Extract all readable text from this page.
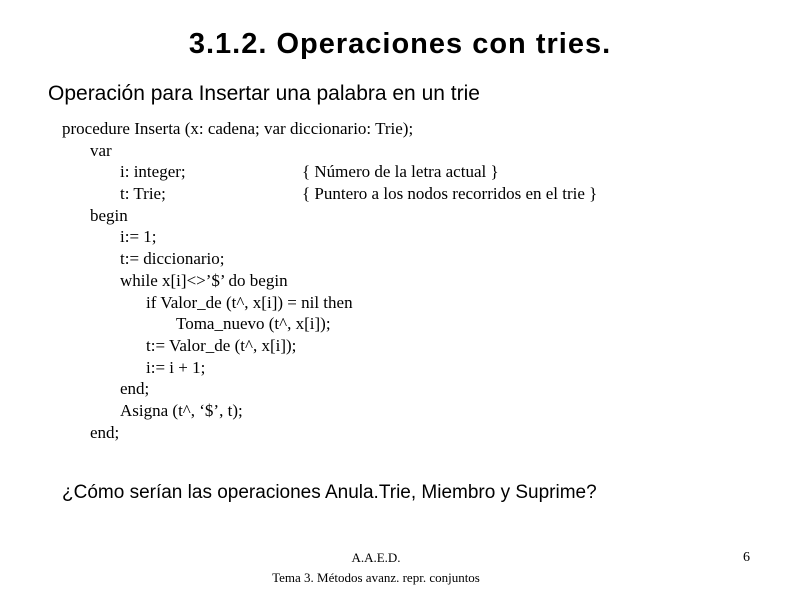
3.1.2. Operaciones con tries.
Operación para Insertar una palabra en un trie
procedure Inserta (x: cadena; var diccionario: Trie);
var
i: integer;	{ Número de la letra actual }
t: Trie;	{ Puntero a los nodos recorridos en el trie }
begin
i:= 1;
t:= diccionario;
while x[i]<>’$’ do begin
if Valor_de (t^, x[i]) = nil then
Toma_nuevo (t^, x[i]);
t:= Valor_de (t^, x[i]);
i:= i + 1;
end;
Asigna (t^, ‘$’, t);
end;
¿Cómo serían las operaciones Anula.Trie, Miembro y Suprime?
A.A.E.D.
Tema 3. Métodos avanz. repr. conjuntos
6
